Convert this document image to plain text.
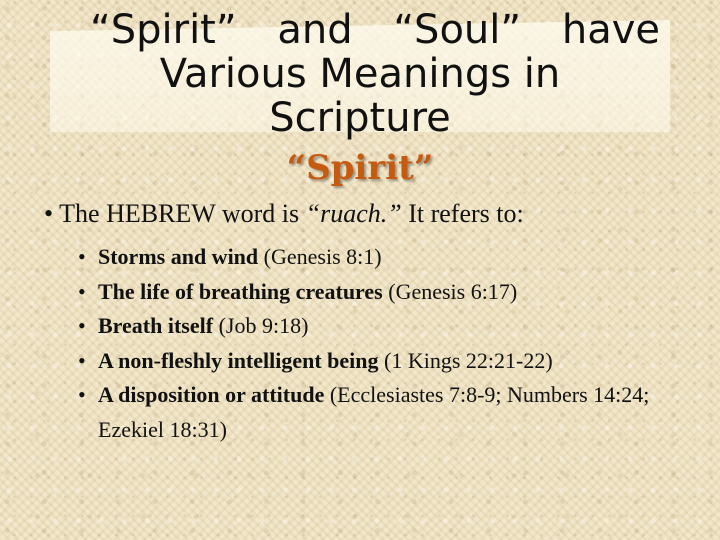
“Spirit” and “Soul” have
Various Meanings in
Scripture
“Spirit”
• The HEBREW word is “ruach.” It refers to:
• Storms and wind (Genesis 8:1)
• The life of breathing creatures (Genesis 6:17)
• Breath itself (Job 9:18)
• A non-fleshly intelligent being (1 Kings 22:21-22)
• A disposition or attitude (Ecclesiastes 7:8-9; Numbers 14:24; Ezekiel 18:31)
